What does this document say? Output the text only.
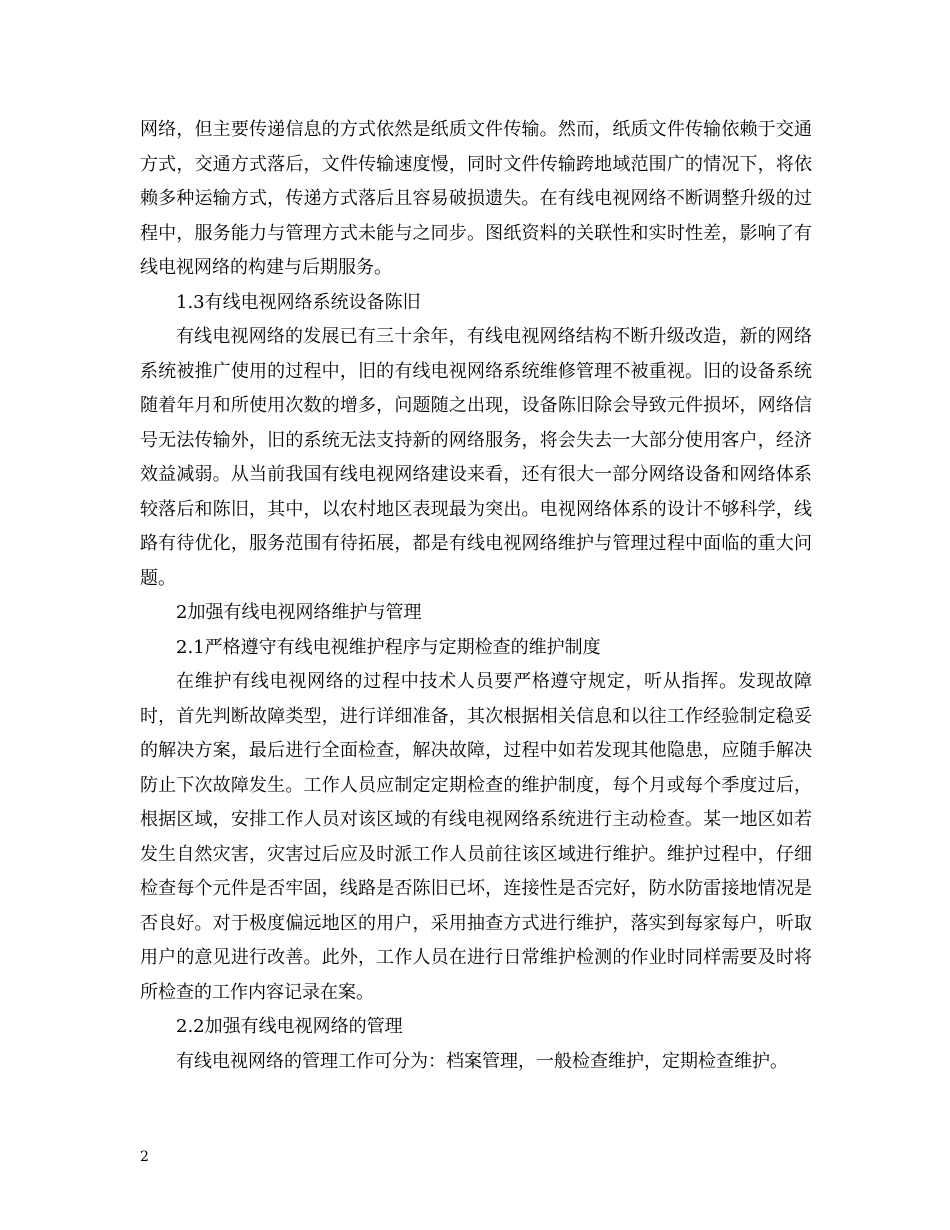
网络，但主要传递信息的方式依然是纸质文件传输。然而，纸质文件传输依赖于交通方式，交通方式落后，文件传输速度慢，同时文件传输跨地域范围广的情况下，将依赖多种运输方式，传递方式落后且容易破损遗失。在有线电视网络不断调整升级的过程中，服务能力与管理方式未能与之同步。图纸资料的关联性和实时性差，影响了有线电视网络的构建与后期服务。

1.3有线电视网络系统设备陈旧

有线电视网络的发展已有三十余年，有线电视网络结构不断升级改造，新的网络系统被推广使用的过程中，旧的有线电视网络系统维修管理不被重视。旧的设备系统随着年月和所使用次数的增多，问题随之出现，设备陈旧除会导致元件损坏，网络信号无法传输外，旧的系统无法支持新的网络服务，将会失去一大部分使用客户，经济效益减弱。从当前我国有线电视网络建设来看，还有很大一部分网络设备和网络体系较落后和陈旧，其中，以农村地区表现最为突出。电视网络体系的设计不够科学，线路有待优化，服务范围有待拓展，都是有线电视网络维护与管理过程中面临的重大问题。

2加强有线电视网络维护与管理

2.1严格遵守有线电视维护程序与定期检查的维护制度

在维护有线电视网络的过程中技术人员要严格遵守规定，听从指挥。发现故障时，首先判断故障类型，进行详细准备，其次根据相关信息和以往工作经验制定稳妥的解决方案，最后进行全面检查，解决故障，过程中如若发现其他隐患，应随手解决防止下次故障发生。工作人员应制定定期检查的维护制度，每个月或每个季度过后，根据区域，安排工作人员对该区域的有线电视网络系统进行主动检查。某一地区如若发生自然灾害，灾害过后应及时派工作人员前往该区域进行维护。维护过程中，仔细检查每个元件是否牢固，线路是否陈旧已坏，连接性是否完好，防水防雷接地情况是否良好。对于极度偏远地区的用户，采用抽查方式进行维护，落实到每家每户，听取用户的意见进行改善。此外，工作人员在进行日常维护检测的作业时同样需要及时将所检查的工作内容记录在案。

2.2加强有线电视网络的管理

有线电视网络的管理工作可分为：档案管理，一般检查维护，定期检查维护。

2
